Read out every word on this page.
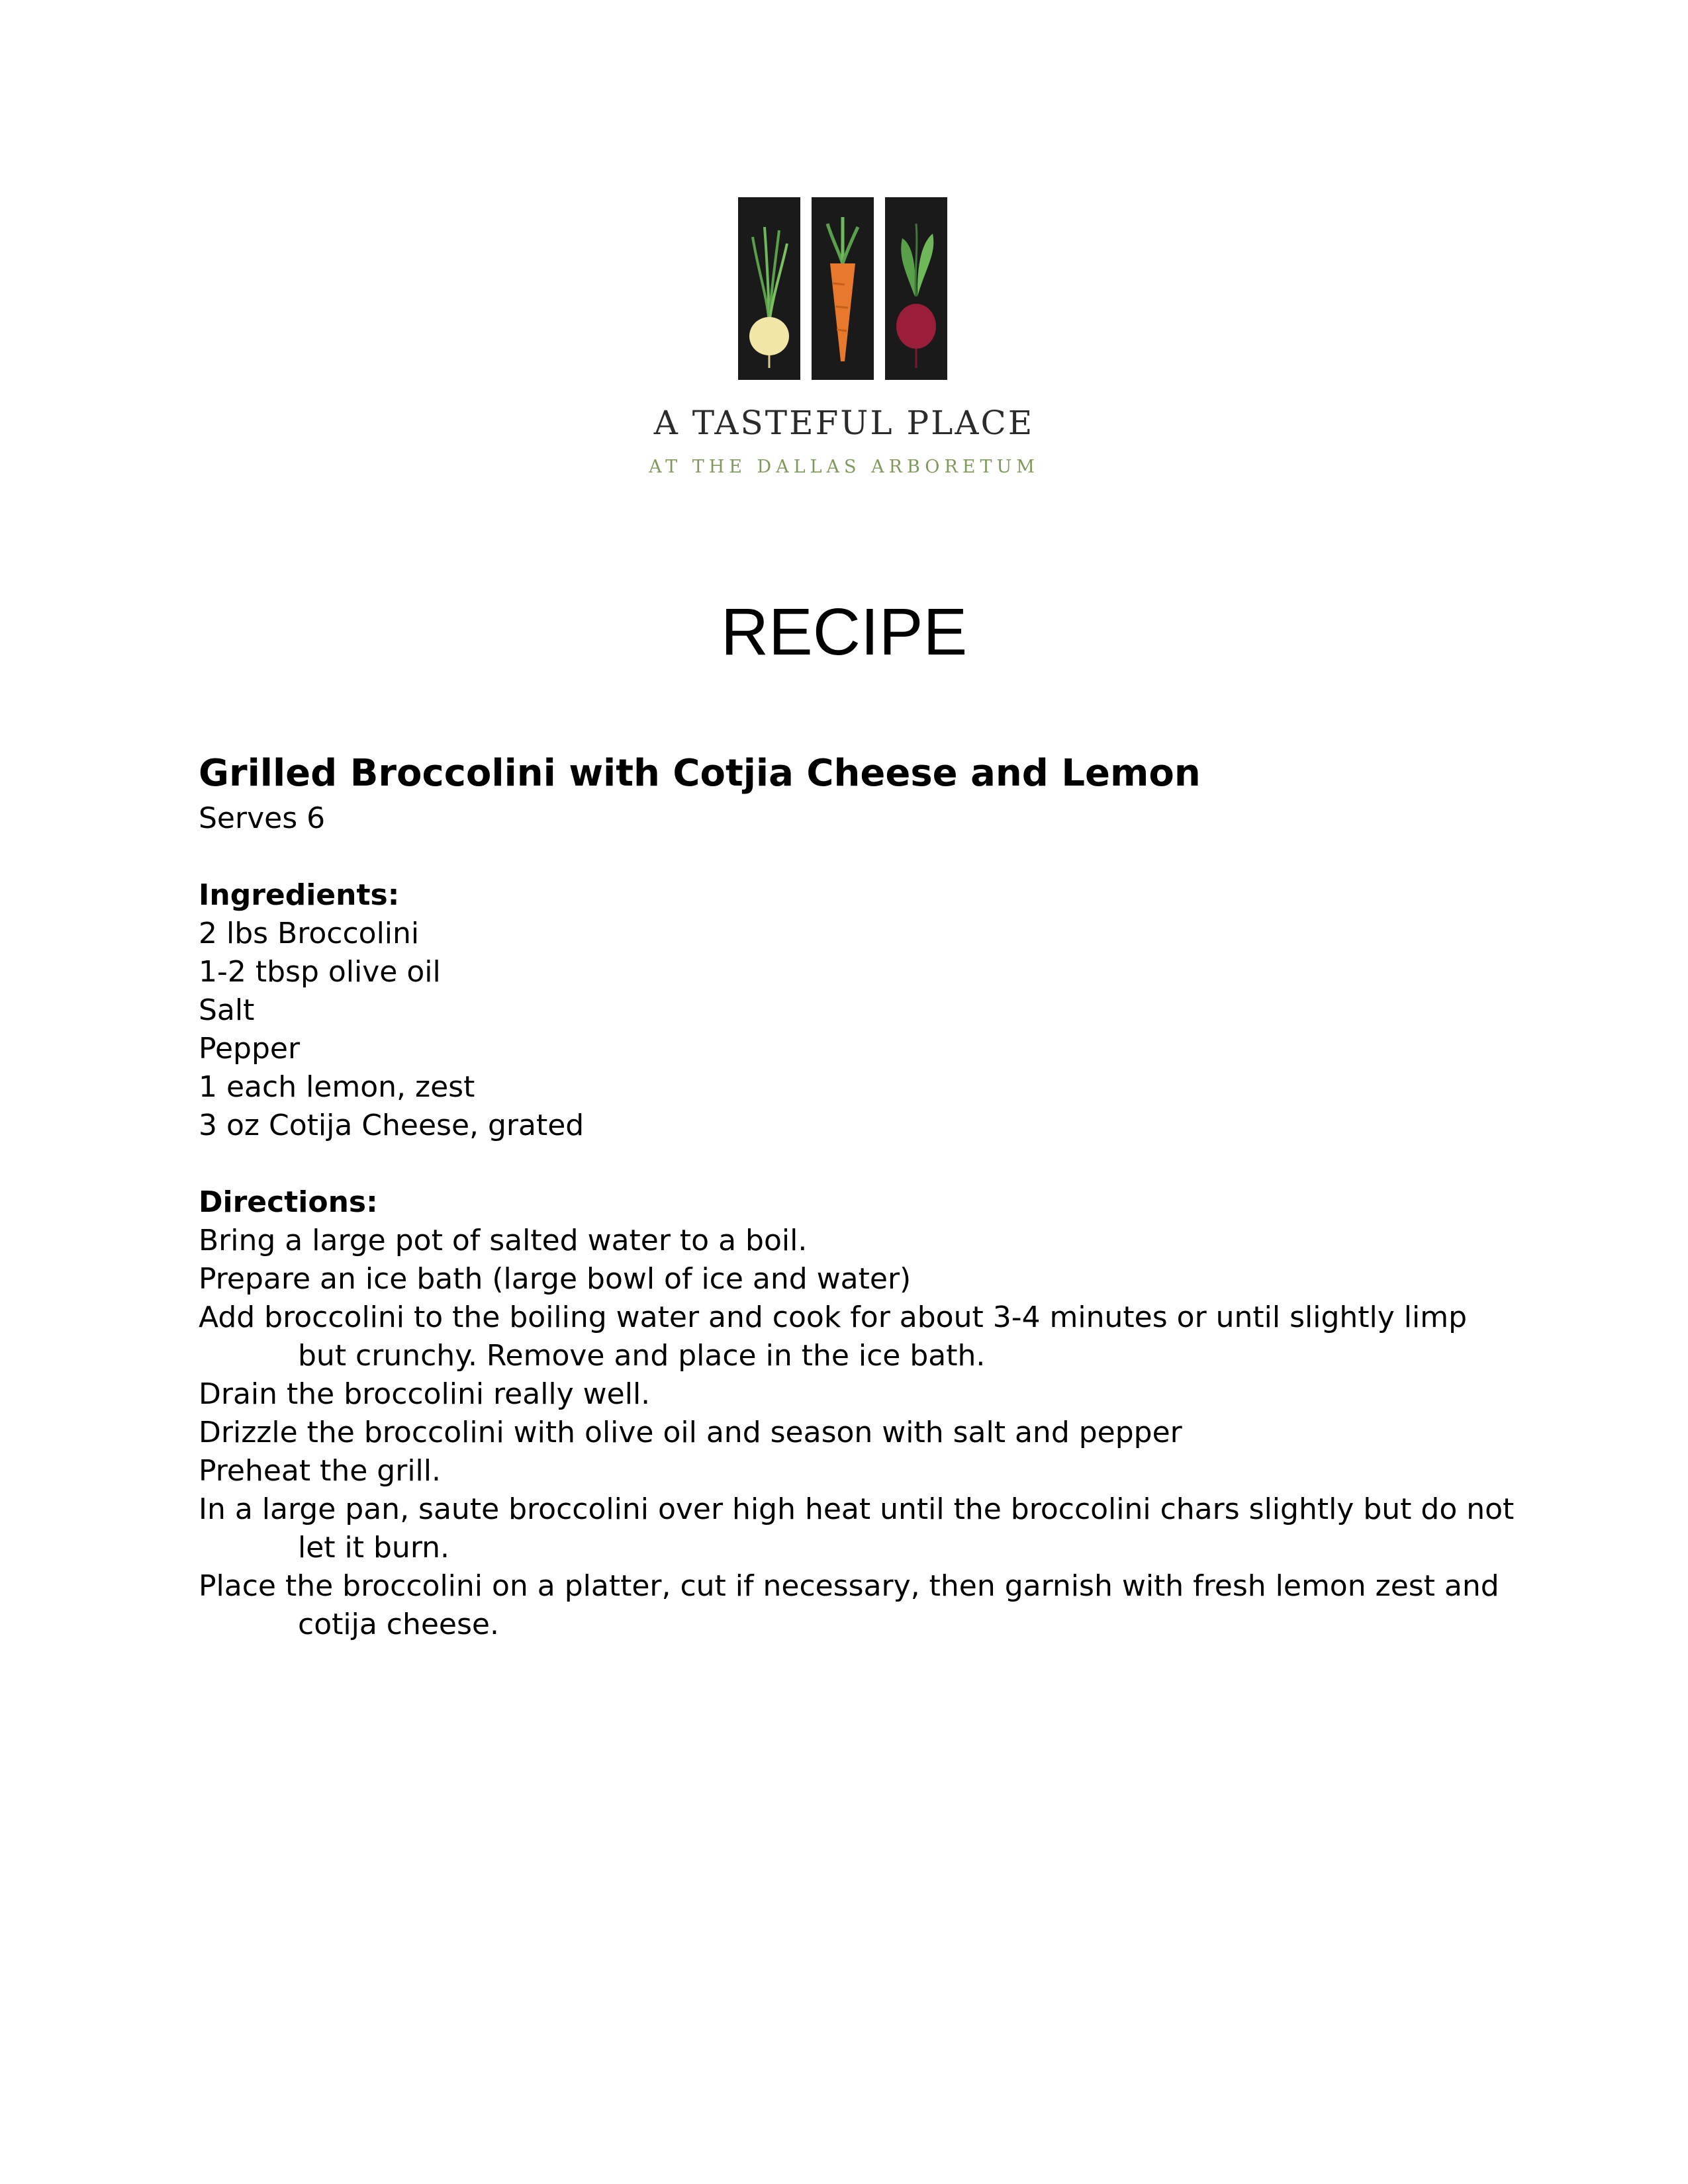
A TASTEFUL PLACE
AT THE DALLAS ARBORETUM
RECIPE
Grilled Broccolini with Cotjia Cheese and Lemon

Serves 6

Ingredients:

2 lbs Broccolini
1-2 tbsp olive oil
Salt
Pepper
1 each lemon, zest
3 oz Cotija Cheese, grated

Directions:

Bring a large pot of salted water to a boil.
Prepare an ice bath (large bowl of ice and water)
Add broccolini to the boiling water and cook for about 3-4 minutes or until slightly limp but crunchy. Remove and place in the ice bath.
Drain the broccolini really well.
Drizzle the broccolini with olive oil and season with salt and pepper
Preheat the grill.
In a large pan, saute broccolini over high heat until the broccolini chars slightly but do not let it burn.
Place the broccolini on a platter, cut if necessary, then garnish with fresh lemon zest and cotija cheese.
